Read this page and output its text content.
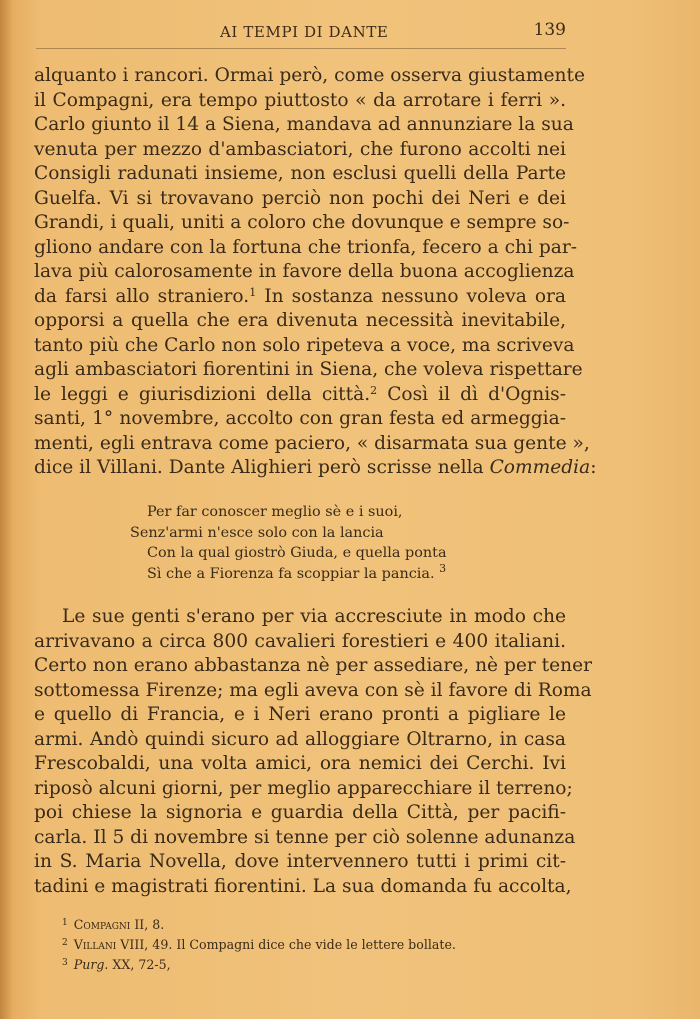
AI TEMPI DI DANTE	139
alquanto i rancori. Ormai però, come osserva giustamente
il Compagni, era tempo piuttosto « da arrotare i ferri ».
Carlo giunto il 14 a Siena, mandava ad annunziare la sua
venuta per mezzo d'ambasciatori, che furono accolti nei
Consigli radunati insieme, non esclusi quelli della Parte
Guelfa. Vi si trovavano perciò non pochi dei Neri e dei
Grandi, i quali, uniti a coloro che dovunque e sempre so-
gliono andare con la fortuna che trionfa, fecero a chi par-
lava più calorosamente in favore della buona accoglienza
da farsi allo straniero.$^1$ In sostanza nessuno voleva ora
opporsi a quella che era divenuta necessità inevitabile,
tanto più che Carlo non solo ripeteva a voce, ma scriveva
agli ambasciatori fiorentini in Siena, che voleva rispettare
le leggi e giurisdizioni della città.$^2$ Così il dì d'Ognis-
santi, 1° novembre, accolto con gran festa ed armeggia-
menti, egli entrava come paciero, « disarmata sua gente »,
dice il Villani. Dante Alighieri però scrisse nella Commedia:
Per far conoscer meglio sè e i suoi,
Senz'armi n'esce solo con la lancia
Con la qual giostrò Giuda, e quella ponta
Sì che a Fiorenza fa scoppiar la pancia. $^3$
Le sue genti s'erano per via accresciute in modo che
arrivavano a circa 800 cavalieri forestieri e 400 italiani.
Certo non erano abbastanza nè per assediare, nè per tener
sottomessa Firenze; ma egli aveva con sè il favore di Roma
e quello di Francia, e i Neri erano pronti a pigliare le
armi. Andò quindi sicuro ad alloggiare Oltrarno, in casa
Frescobaldi, una volta amici, ora nemici dei Cerchi. Ivi
riposò alcuni giorni, per meglio apparecchiare il terreno;
poi chiese la signoria e guardia della Città, per pacifi-
carla. Il 5 di novembre si tenne per ciò solenne adunanza
in S. Maria Novella, dove intervennero tutti i primi cit-
tadini e magistrati fiorentini. La sua domanda fu accolta,
$^1$ Compagni II, 8.
$^2$ Villani VIII, 49. Il Compagni dice che vide le lettere bollate.
$^3$ Purg. XX, 72-5,
